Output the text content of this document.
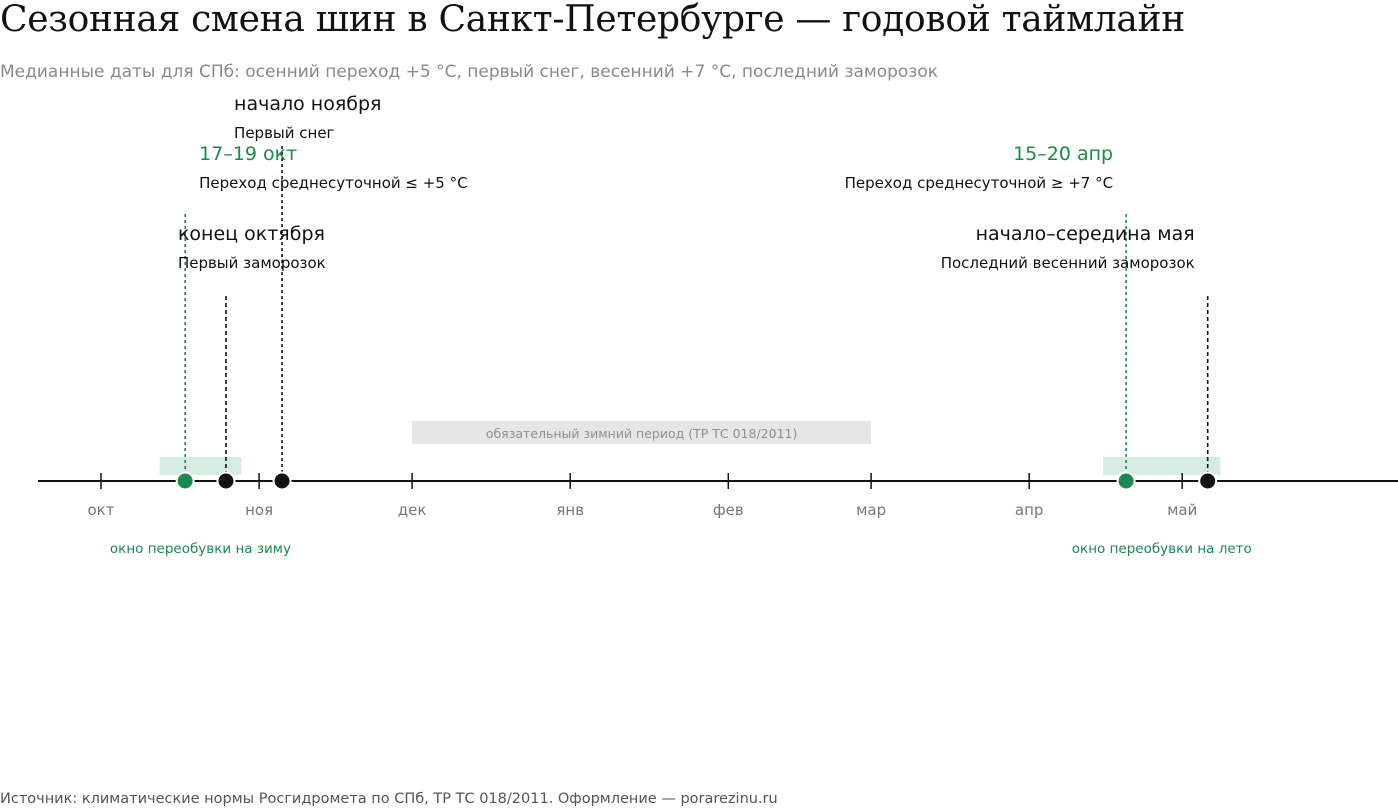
Сезонная смена шин в Санкт-Петербурге — годовой таймлайн
Медианные даты для СПб: осенний переход +5 °C, первый снег, весенний +7 °C, последний заморозок
окт	ноя	дек	янв	фев	мар	апр	май
обязательный зимний период (ТР ТС 018/2011)
окно переобувки на зиму	окно переобувки на лето
17–19 окт
Переход среднесуточной ≤ +5 °C
конец октября
Первый заморозок
начало ноября
Первый снег
15–20 апр
Переход среднесуточной ≥ +7 °C
начало–середина мая
Последний весенний заморозок
Источник: климатические нормы Росгидромета по СПб, ТР ТС 018/2011. Оформление — porarezinu.ru
